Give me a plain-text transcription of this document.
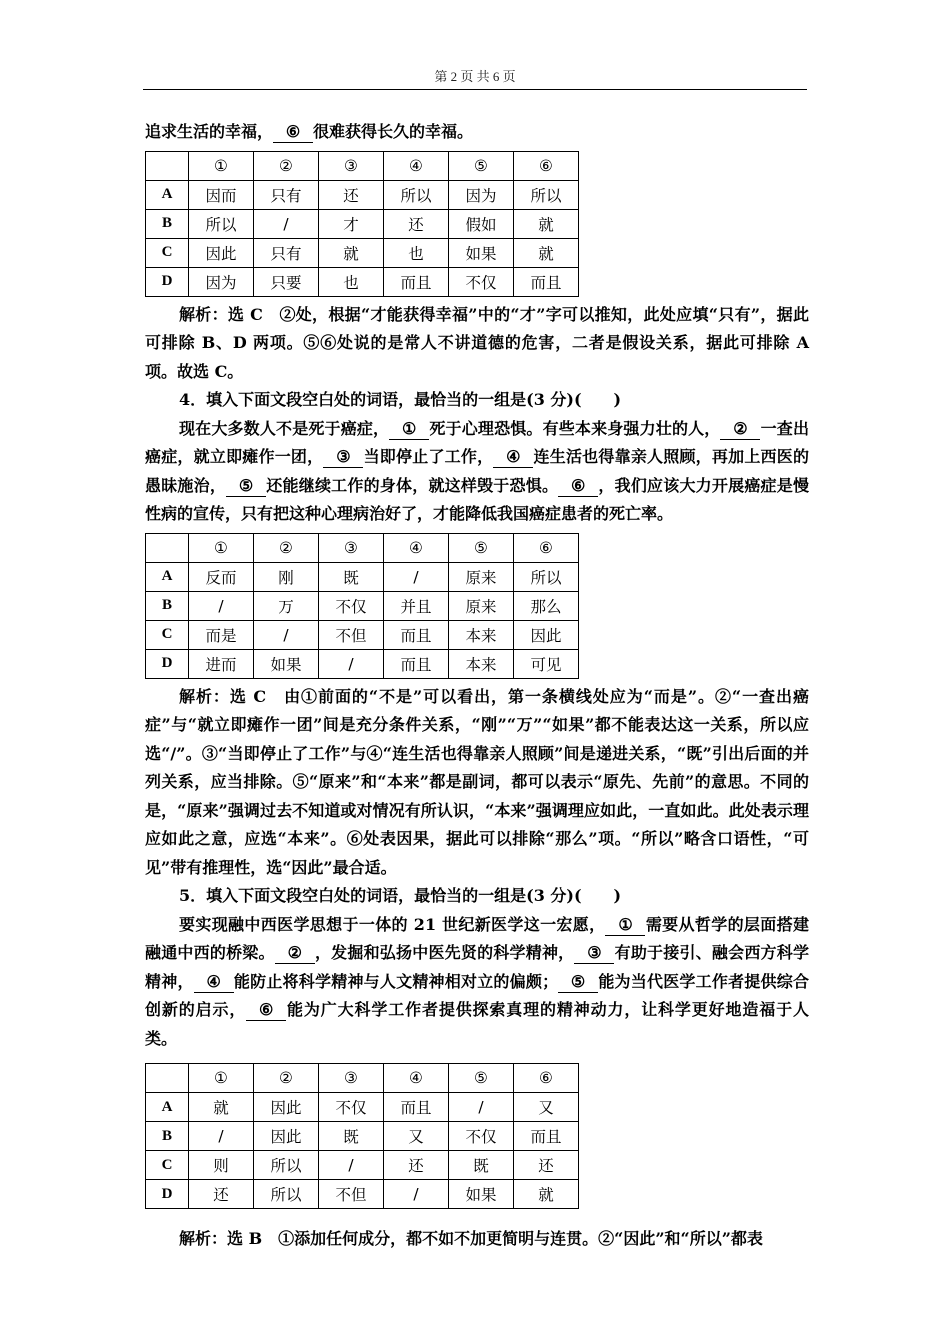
第 2 页 共 6 页

追求生活的幸福， ⑥ 很难获得长久的幸福。

	①	②	③	④	⑤	⑥
A	因而	只有	还	所以	因为	所以
B	所以	/	才	还	假如	就
C	因此	只有	就	也	如果	就
D	因为	只要	也	而且	不仅	而且

解析：选 C　②处，根据“才能获得幸福”中的“才”字可以推知，此处应填“只有”，据此可排除 B、D 两项。⑤⑥处说的是常人不讲道德的危害，二者是假设关系，据此可排除 A 项。故选 C。

4．填入下面文段空白处的词语，最恰当的一组是(3 分)(　　)

现在大多数人不是死于癌症， ① 死于心理恐惧。有些本来身强力壮的人， ② 一查出癌症，就立即瘫作一团， ③ 当即停止了工作， ④ 连生活也得靠亲人照顾，再加上西医的愚昧施治， ⑤ 还能继续工作的身体，就这样毁于恐惧。 ⑥ ，我们应该大力开展癌症是慢性病的宣传，只有把这种心理病治好了，才能降低我国癌症患者的死亡率。

	①	②	③	④	⑤	⑥
A	反而	刚	既	/	原来	所以
B	/	万	不仅	并且	原来	那么
C	而是	/	不但	而且	本来	因此
D	进而	如果	/	而且	本来	可见

解析：选 C　由①前面的“不是”可以看出，第一条横线处应为“而是”。②“一查出癌症”与“就立即瘫作一团”间是充分条件关系，“刚”“万”“如果”都不能表达这一关系，所以应选“/”。③“当即停止了工作”与④“连生活也得靠亲人照顾”间是递进关系，“既”引出后面的并列关系，应当排除。⑤“原来”和“本来”都是副词，都可以表示“原先、先前”的意思。不同的是，“原来”强调过去不知道或对情况有所认识，“本来”强调理应如此，一直如此。此处表示理应如此之意，应选“本来”。⑥处表因果，据此可以排除“那么”项。“所以”略含口语性，“可见”带有推理性，选“因此”最合适。

5．填入下面文段空白处的词语，最恰当的一组是(3 分)(　　)

要实现融中西医学思想于一体的 21 世纪新医学这一宏愿， ① 需要从哲学的层面搭建融通中西的桥梁。 ② ，发掘和弘扬中医先贤的科学精神， ③ 有助于接引、融会西方科学精神， ④ 能防止将科学精神与人文精神相对立的偏颇； ⑤ 能为当代医学工作者提供综合创新的启示， ⑥ 能为广大科学工作者提供探索真理的精神动力，让科学更好地造福于人类。

	①	②	③	④	⑤	⑥
A	就	因此	不仅	而且	/	又
B	/	因此	既	又	不仅	而且
C	则	所以	/	还	既	还
D	还	所以	不但	/	如果	就

解析：选 B　①添加任何成分，都不如不加更简明与连贯。②“因此”和“所以”都表
